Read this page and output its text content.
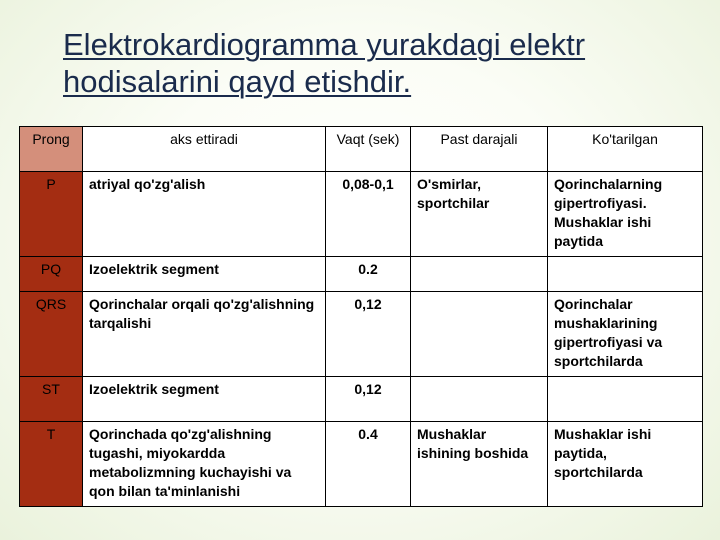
Elektrokardiogramma yurakdagi elektr hodisalarini qayd etishdir.
Prong	aks ettiradi	Vaqt (sek)	Past darajali	Ko'tarilgan
P	atriyal qo'zg'alish	0,08-0,1	O'smirlar, sportchilar	Qorinchalarning gipertrofiyasi. Mushaklar ishi paytida
PQ	Izoelektrik segment	0.2		
QRS	Qorinchalar orqali qo'zg'alishning tarqalishi	0,12		Qorinchalar mushaklarining gipertrofiyasi va sportchilarda
ST	Izoelektrik segment	0,12		
T	Qorinchada qo'zg'alishning tugashi, miyokardda metabolizmning kuchayishi va qon bilan ta'minlanishi	0.4	Mushaklar ishining boshida	Mushaklar ishi paytida, sportchilarda
